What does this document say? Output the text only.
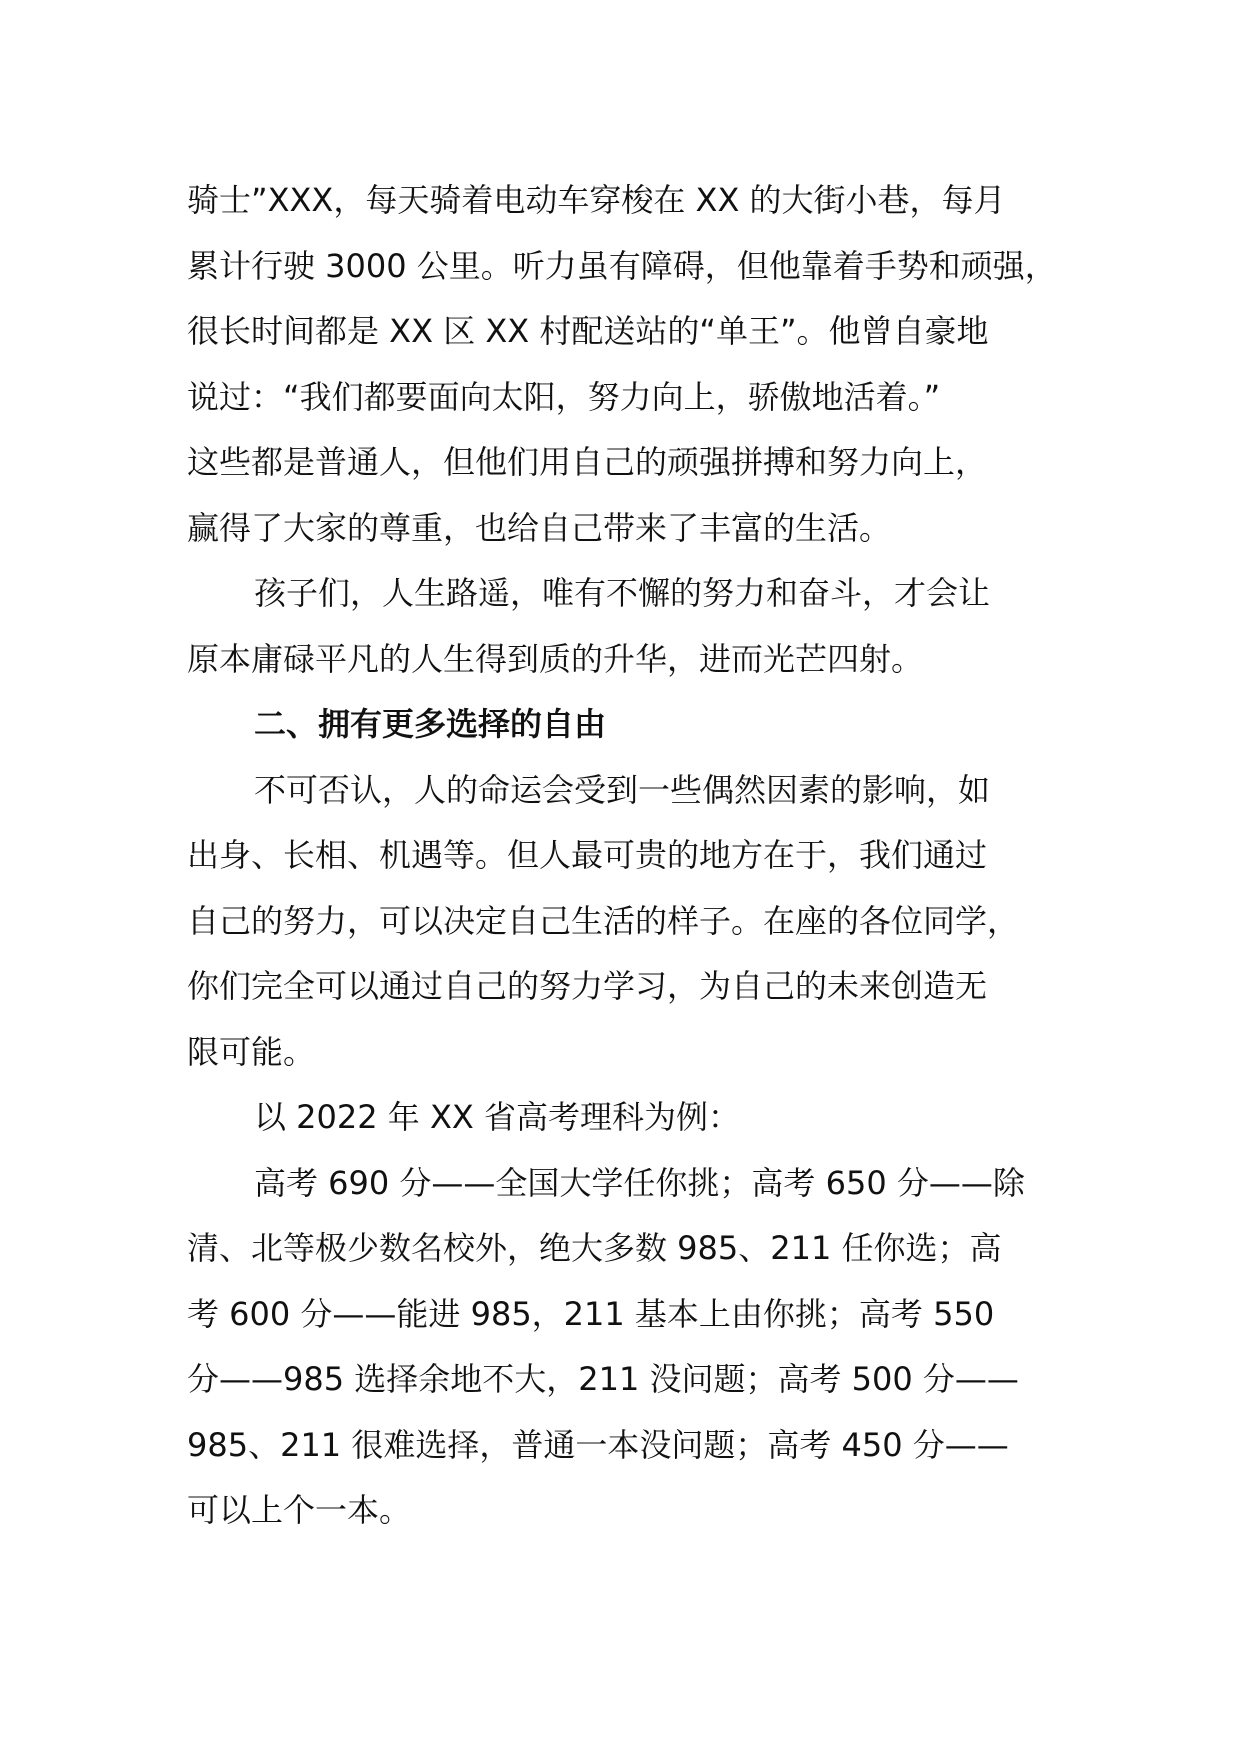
骑士”XXX，每天骑着电动车穿梭在 XX 的大街小巷，每月
累计行驶 3000 公里。听力虽有障碍，但他靠着手势和顽强，
很长时间都是 XX 区 XX 村配送站的“单王”。他曾自豪地
说过：“我们都要面向太阳，努力向上，骄傲地活着。”
这些都是普通人，但他们用自己的顽强拼搏和努力向上，
赢得了大家的尊重，也给自己带来了丰富的生活。
孩子们，人生路遥，唯有不懈的努力和奋斗，才会让
原本庸碌平凡的人生得到质的升华，进而光芒四射。
二、拥有更多选择的自由
不可否认，人的命运会受到一些偶然因素的影响，如
出身、长相、机遇等。但人最可贵的地方在于，我们通过
自己的努力，可以决定自己生活的样子。在座的各位同学，
你们完全可以通过自己的努力学习，为自己的未来创造无
限可能。
以 2022 年 XX 省高考理科为例：
高考 690 分——全国大学任你挑；高考 650 分——除
清、北等极少数名校外，绝大多数 985、211 任你选；高
考 600 分——能进 985，211 基本上由你挑；高考 550
分——985 选择余地不大，211 没问题；高考 500 分——
985、211 很难选择，普通一本没问题；高考 450 分——
可以上个一本。
